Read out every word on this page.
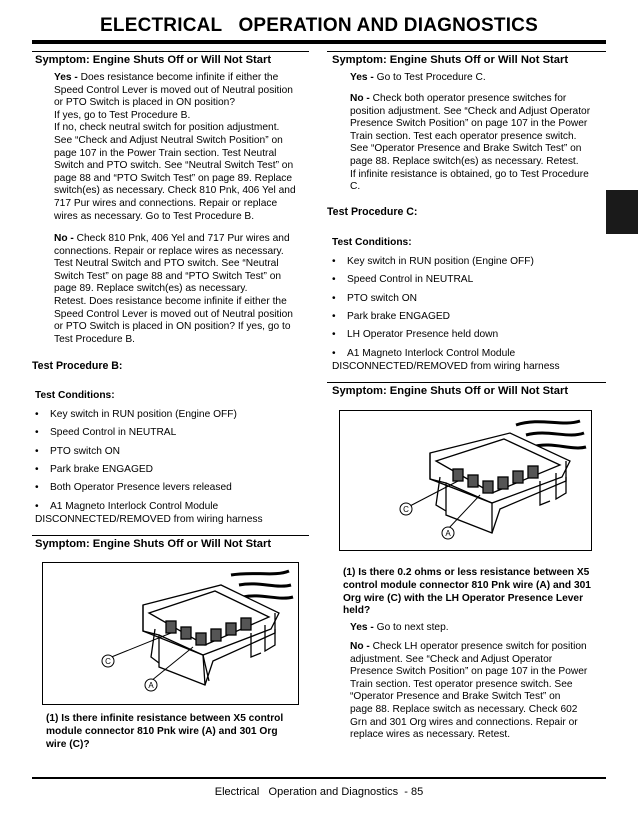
ELECTRICAL   OPERATION AND DIAGNOSTICS
Symptom: Engine Shuts Off or Will Not Start
Yes - Does resistance become infinite if either the
Speed Control Lever is moved out of Neutral position
or PTO Switch is placed in ON position?
If yes, go to Test Procedure B.
If no, check neutral switch for position adjustment.
See “Check and Adjust Neutral Switch Position” on
page 107 in the Power Train section. Test Neutral
Switch and PTO switch. See “Neutral Switch Test” on
page 88 and “PTO Switch Test” on page 89. Replace
switch(es) as necessary. Check 810 Pnk, 406 Yel and
717 Pur wires and connections. Repair or replace
wires as necessary. Go to Test Procedure B.
No - Check 810 Pnk, 406 Yel and 717 Pur wires and
connections. Repair or replace wires as necessary.
Test Neutral Switch and PTO switch. See “Neutral
Switch Test” on page 88 and “PTO Switch Test” on
page 89. Replace switch(es) as necessary.
Retest. Does resistance become infinite if either the
Speed Control Lever is moved out of Neutral position
or PTO Switch is placed in ON position? If yes, go to
Test Procedure B.
Test Procedure B:
Test Conditions:
• Key switch in RUN position (Engine OFF)
• Speed Control in NEUTRAL
• PTO switch ON
• Park brake ENGAGED
• Both Operator Presence levers released
• A1 Magneto Interlock Control Module
DISCONNECTED/REMOVED from wiring harness
Symptom: Engine Shuts Off or Will Not Start
C
A
(1) Is there infinite resistance between X5 control
module connector 810 Pnk wire (A) and 301 Org
wire (C)?
Symptom: Engine Shuts Off or Will Not Start
Yes - Go to Test Procedure C.
No - Check both operator presence switches for
position adjustment. See “Check and Adjust Operator
Presence Switch Position” on page 107 in the Power
Train section. Test each operator presence switch.
See “Operator Presence and Brake Switch Test” on
page 88. Replace switch(es) as necessary. Retest.
If infinite resistance is obtained, go to Test Procedure
C.
Test Procedure C:
Test Conditions:
• Key switch in RUN position (Engine OFF)
• Speed Control in NEUTRAL
• PTO switch ON
• Park brake ENGAGED
• LH Operator Presence held down
• A1 Magneto Interlock Control Module
DISCONNECTED/REMOVED from wiring harness
Symptom: Engine Shuts Off or Will Not Start
C
A
(1) Is there 0.2 ohms or less resistance between X5
control module connector 810 Pnk wire (A) and 301
Org wire (C) with the LH Operator Presence Lever
held?
Yes - Go to next step.
No - Check LH operator presence switch for position
adjustment. See “Check and Adjust Operator
Presence Switch Position” on page 107 in the Power
Train section. Test operator presence switch. See
“Operator Presence and Brake Switch Test” on
page 88. Replace switch as necessary. Check 602
Grn and 301 Org wires and connections. Repair or
replace wires as necessary. Retest.
Electrical   Operation and Diagnostics  - 85
